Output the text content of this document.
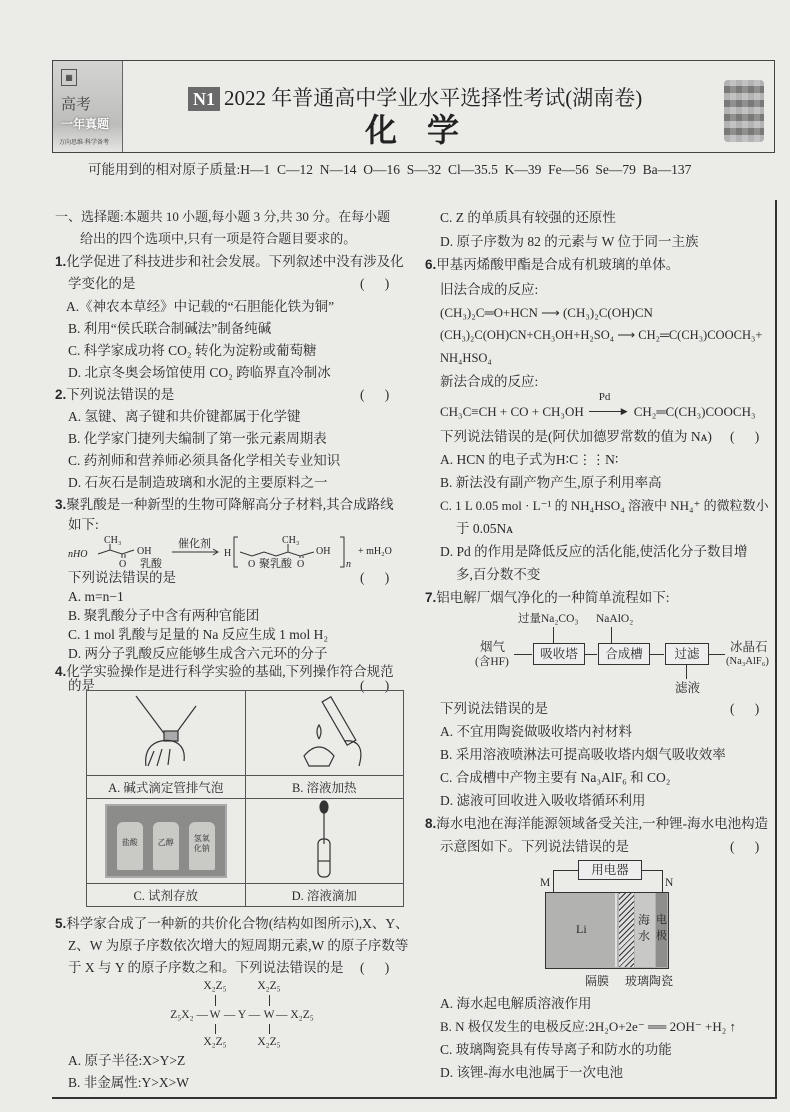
▦
高考
一年真题
万向思维·科学备考
N1 2022 年普通高中学业水平选择性考试(湖南卷)
化学
可能用到的相对原子质量:H—1  C—12  N—14  O—16  S—32  Cl—35.5  K—39  Fe—56  Se—79  Ba—137
一、选择题:本题共 10 小题,每小题 3 分,共 30 分。在每小题
给出的四个选项中,只有一项是符合题目要求的。
1.化学促进了科技进步和社会发展。下列叙述中没有涉及化
学变化的是	(      )
A.《神农本草经》中记载的“石胆能化铁为铜”
B. 利用“侯氏联合制碱法”制备纯碱
C. 科学家成功将 CO₂ 转化为淀粉或葡萄糖
D. 北京冬奥会场馆使用 CO₂ 跨临界直冷制冰
2.下列说法错误的是	(      )
A. 氢键、离子键和共价键都属于化学键
B. 化学家门捷列夫编制了第一张元素周期表
C. 药剂师和营养师必须具备化学相关专业知识
D. 石灰石是制造玻璃和水泥的主要原料之一
3.聚乳酸是一种新型的生物可降解高分子材料,其合成路线
如下:
CH₃
nHO	OH
O
催化剂
H
O
CH₃
OH
O	n
+ mH₂O
乳酸	聚乳酸
下列说法错误的是	(      )
A. m=n−1
B. 聚乳酸分子中含有两种官能团
C. 1 mol 乳酸与足量的 Na 反应生成 1 mol H₂
D. 两分子乳酸反应能够生成含六元环的分子
4.化学实验操作是进行科学实验的基础,下列操作符合规范
的是	(      )

A. 碱式滴定管排气泡	B. 溶液加热

盐酸 乙醇 氢氧化钠

C. 试剂存放	D. 溶液滴加
5.科学家合成了一种新的共价化合物(结构如图所示),X、Y、
Z、W 为原子序数依次增大的短周期元素,W 的原子序数等
于 X 与 Y 的原子序数之和。下列说法错误的是 (      )
X₂Z₅	X₂Z₅
Z₅X₂ — W — Y — W — X₂Z₅
X₂Z₅	X₂Z₅
A. 原子半径:X>Y>Z
B. 非金属性:Y>X>W
C. Z 的单质具有较强的还原性
D. 原子序数为 82 的元素与 W 位于同一主族
6.甲基丙烯酸甲酯是合成有机玻璃的单体。
旧法合成的反应:
(CH₃)₂C═O+HCN ⟶ (CH₃)₂C(OH)CN
(CH₃)₂C(OH)CN+CH₃OH+H₂SO₄ ⟶ CH₂═C(CH₃)COOCH₃+
NH₄HSO₄
新法合成的反应:
CH₃C≡CH + CO + CH₃OH
Pd
▶ CH₂═C(CH₃)COOCH₃
下列说法错误的是(阿伏加德罗常数的值为 Nᴀ) (      )
A. HCN 的电子式为H∶C⋮⋮N∶
B. 新法没有副产物产生,原子利用率高
C. 1 L 0.05 mol · L⁻¹ 的 NH₄HSO₄ 溶液中 NH₄⁺ 的微粒数小
于 0.05Nᴀ
D. Pd 的作用是降低反应的活化能,使活化分子数目增
多,百分数不变
7.铝电解厂烟气净化的一种简单流程如下:
过量Na₂CO₃ NaAlO₂
烟气
(含HF)
吸收塔	合成槽	过滤	冰晶石
(Na₃AlF₆)
滤液
下列说法错误的是	(      )
A. 不宜用陶瓷做吸收塔内衬材料
B. 采用溶液喷淋法可提高吸收塔内烟气吸收效率
C. 合成槽中产物主要有 Na₃AlF₆ 和 CO₂
D. 滤液可回收进入吸收塔循环利用
8.海水电池在海洋能源领域备受关注,一种锂-海水电池构造
示意图如下。下列说法错误的是	(      )
用电器
M	N
Li
海水
电极
隔膜 玻璃陶瓷
A. 海水起电解质溶液作用
B. N 极仅发生的电极反应:2H₂O+2e⁻ ══ 2OH⁻ +H₂ ↑
C. 玻璃陶瓷具有传导离子和防水的功能
D. 该锂-海水电池属于一次电池
